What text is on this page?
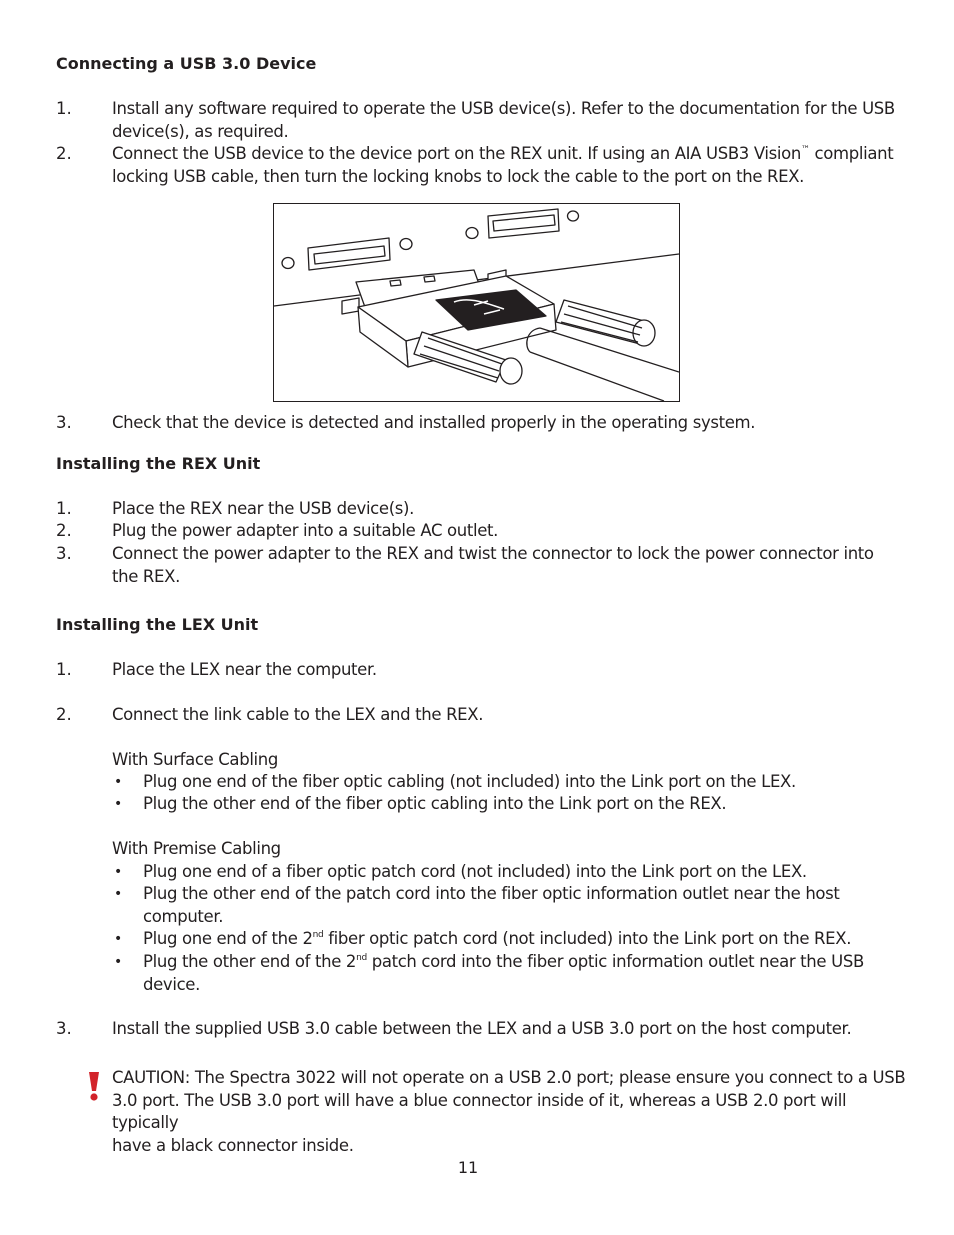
Connecting a USB 3.0 Device
1. Install any software required to operate the USB device(s). Refer to the documentation for the USB
device(s), as required.
2. Connect the USB device to the device port on the REX unit. If using an AIA USB3 Vision™ compliant
locking USB cable, then turn the locking knobs to lock the cable to the port on the REX.
3. Check that the device is detected and installed properly in the operating system.
Installing the REX Unit
1. Place the REX near the USB device(s).
2. Plug the power adapter into a suitable AC outlet.
3. Connect the power adapter to the REX and twist the connector to lock the power connector into
the REX.
Installing the LEX Unit
1. Place the LEX near the computer.
2. Connect the link cable to the LEX and the REX.
With Surface Cabling
• Plug one end of the fiber optic cabling (not included) into the Link port on the LEX.
• Plug the other end of the fiber optic cabling into the Link port on the REX.
With Premise Cabling
• Plug one end of a fiber optic patch cord (not included) into the Link port on the LEX.
• Plug the other end of the patch cord into the fiber optic information outlet near the host
computer.
• Plug one end of the 2nd fiber optic patch cord (not included) into the Link port on the REX.
• Plug the other end of the 2nd patch cord into the fiber optic information outlet near the USB
device.
3. Install the supplied USB 3.0 cable between the LEX and a USB 3.0 port on the host computer.
CAUTION: The Spectra 3022 will not operate on a USB 2.0 port; please ensure you connect to a USB
3.0 port. The USB 3.0 port will have a blue connector inside of it, whereas a USB 2.0 port will typically
have a black connector inside.
11
